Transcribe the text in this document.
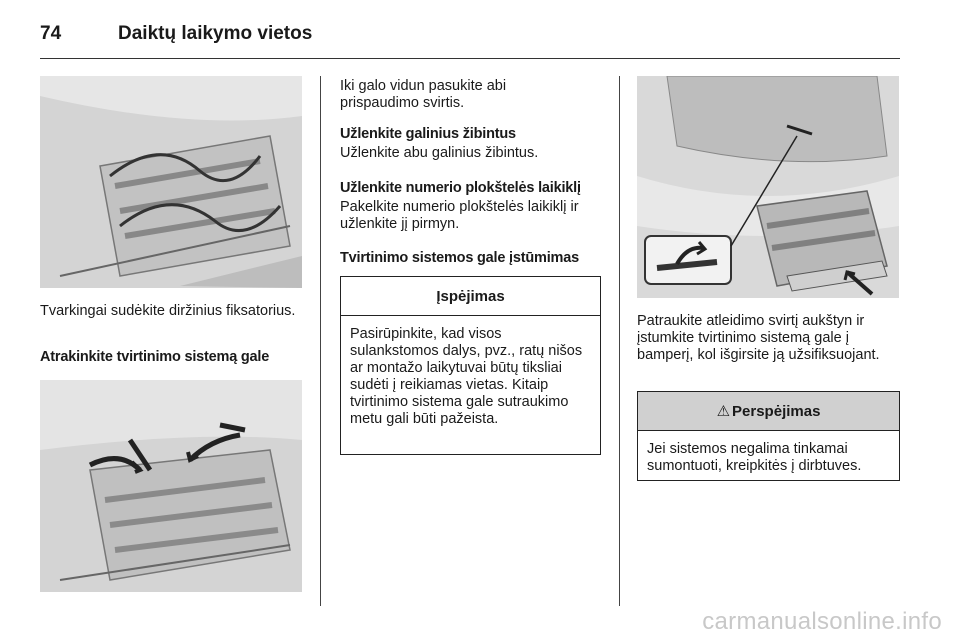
74	Daiktų laikymo vietos

Tvarkingai sudėkite diržinius fiksatorius.

Atrakinkite tvirtinimo sistemą gale

Iki galo vidun pasukite abi prispaudimo svirtis.

Užlenkite galinius žibintus

Užlenkite abu galinius žibintus.

Užlenkite numerio plokštelės laikiklį

Pakelkite numerio plokštelės laikiklį ir užlenkite jį pirmyn.

Tvirtinimo sistemos gale įstūmimas

Įspėjimas
Pasirūpinkite, kad visos sulankstomos dalys, pvz., ratų nišos ar montažo laikytuvai būtų tiksliai sudėti į reikiamas vietas. Kitaip tvirtinimo sistema gale sutraukimo metu gali būti pažeista.

Patraukite atleidimo svirtį aukštyn ir įstumkite tvirtinimo sistemą gale į bamperį, kol išgirsite ją užsifiksuojant.

⚠ Perspėjimas
Jei sistemos negalima tinkamai sumontuoti, kreipkitės į dirbtuves.
carmanualsonline.info
